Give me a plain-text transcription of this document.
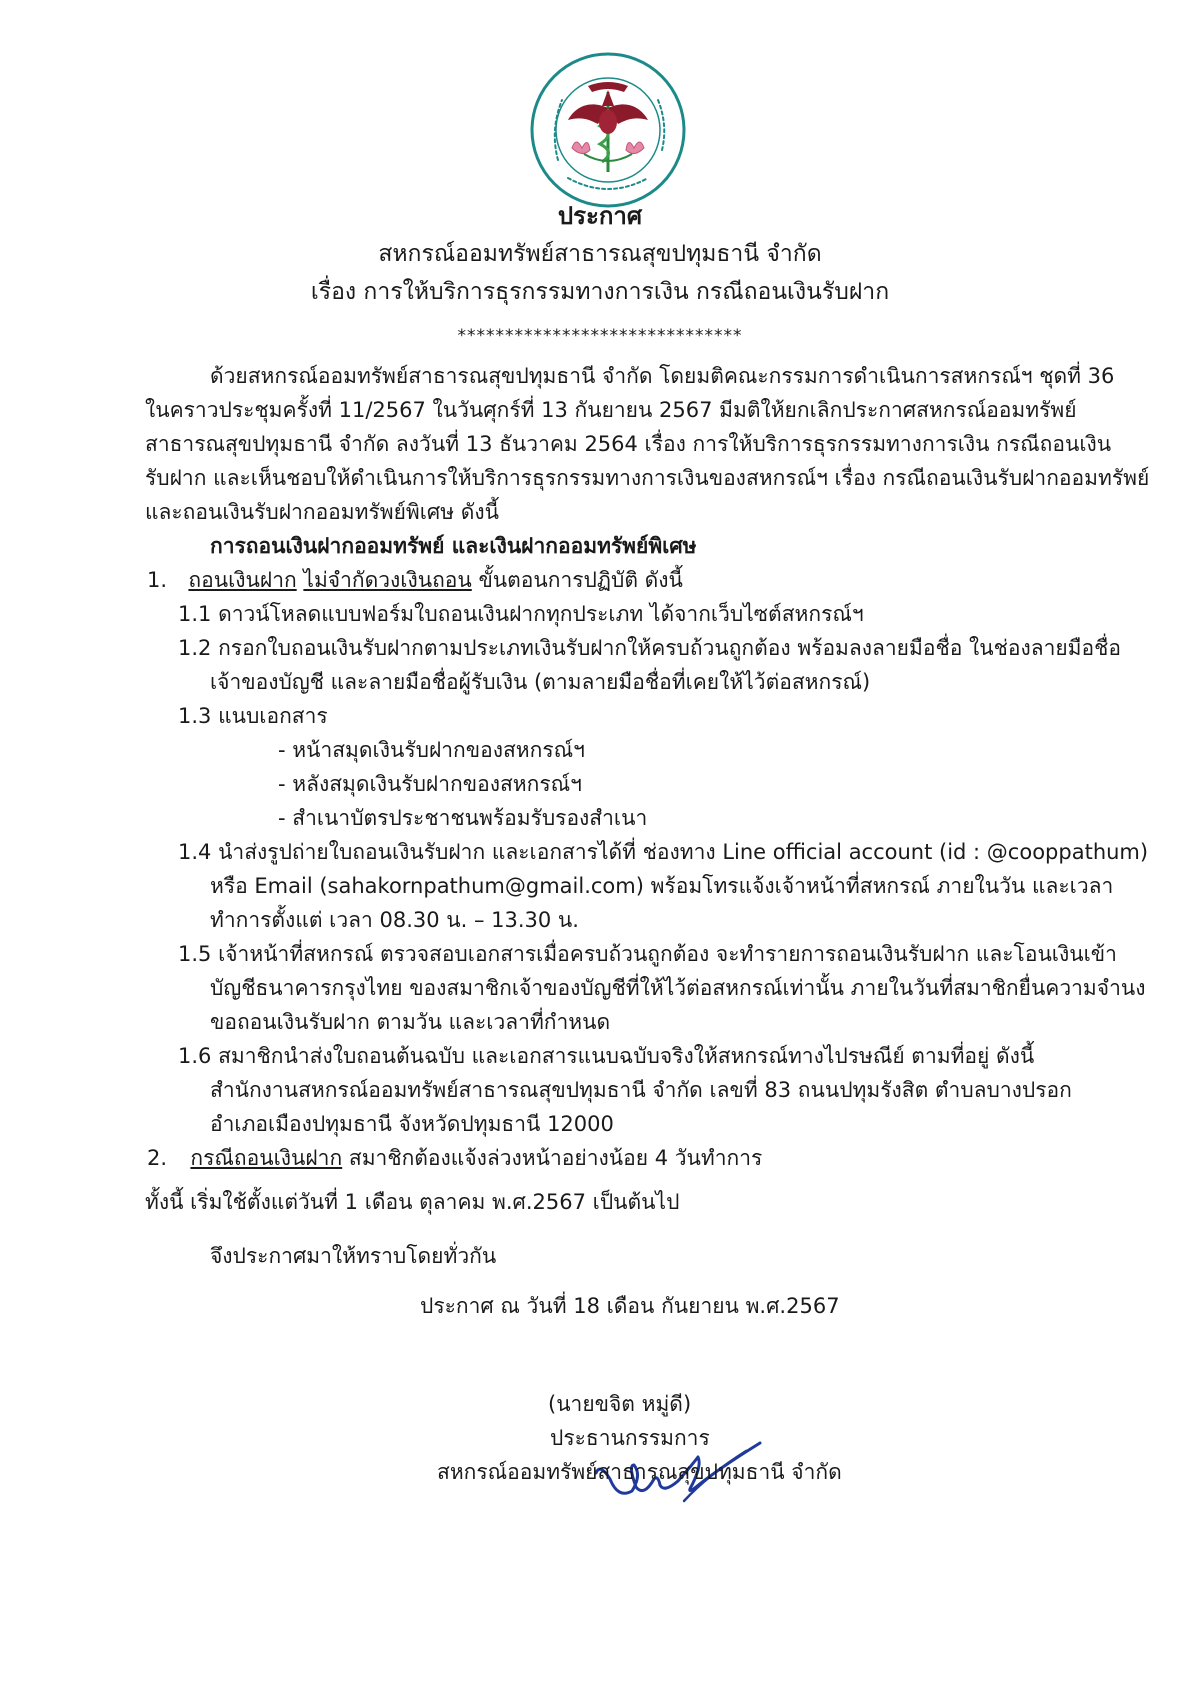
ประกาศ
สหกรณ์ออมทรัพย์สาธารณสุขปทุมธานี จำกัด
เรื่อง การให้บริการธุรกรรมทางการเงิน กรณีถอนเงินรับฝาก
******************************
ด้วยสหกรณ์ออมทรัพย์สาธารณสุขปทุมธานี จำกัด โดยมติคณะกรรมการดำเนินการสหกรณ์ฯ ชุดที่ 36
ในคราวประชุมครั้งที่ 11/2567 ในวันศุกร์ที่ 13 กันยายน 2567 มีมติให้ยกเลิกประกาศสหกรณ์ออมทรัพย์
สาธารณสุขปทุมธานี จำกัด ลงวันที่ 13 ธันวาคม 2564 เรื่อง การให้บริการธุรกรรมทางการเงิน กรณีถอนเงิน
รับฝาก และเห็นชอบให้ดำเนินการให้บริการธุรกรรมทางการเงินของสหกรณ์ฯ เรื่อง กรณีถอนเงินรับฝากออมทรัพย์
และถอนเงินรับฝากออมทรัพย์พิเศษ ดังนี้
การถอนเงินฝากออมทรัพย์ และเงินฝากออมทรัพย์พิเศษ
1. ถอนเงินฝาก ไม่จำกัดวงเงินถอน ขั้นตอนการปฏิบัติ ดังนี้
1.1 ดาวน์โหลดแบบฟอร์มใบถอนเงินฝากทุกประเภท ได้จากเว็บไซต์สหกรณ์ฯ
1.2 กรอกใบถอนเงินรับฝากตามประเภทเงินรับฝากให้ครบถ้วนถูกต้อง พร้อมลงลายมือชื่อ ในช่องลายมือชื่อ
เจ้าของบัญชี และลายมือชื่อผู้รับเงิน (ตามลายมือชื่อที่เคยให้ไว้ต่อสหกรณ์)
1.3 แนบเอกสาร
- หน้าสมุดเงินรับฝากของสหกรณ์ฯ
- หลังสมุดเงินรับฝากของสหกรณ์ฯ
- สำเนาบัตรประชาชนพร้อมรับรองสำเนา
1.4 นำส่งรูปถ่ายใบถอนเงินรับฝาก และเอกสารได้ที่ ช่องทาง Line official account (id : @cooppathum)
หรือ Email (sahakornpathum@gmail.com) พร้อมโทรแจ้งเจ้าหน้าที่สหกรณ์ ภายในวัน และเวลา
ทำการตั้งแต่ เวลา 08.30 น. – 13.30 น.
1.5 เจ้าหน้าที่สหกรณ์ ตรวจสอบเอกสารเมื่อครบถ้วนถูกต้อง จะทำรายการถอนเงินรับฝาก และโอนเงินเข้า
บัญชีธนาคารกรุงไทย ของสมาชิกเจ้าของบัญชีที่ให้ไว้ต่อสหกรณ์เท่านั้น ภายในวันที่สมาชิกยื่นความจำนง
ขอถอนเงินรับฝาก ตามวัน และเวลาที่กำหนด
1.6 สมาชิกนำส่งใบถอนต้นฉบับ และเอกสารแนบฉบับจริงให้สหกรณ์ทางไปรษณีย์ ตามที่อยู่ ดังนี้
สำนักงานสหกรณ์ออมทรัพย์สาธารณสุขปทุมธานี จำกัด เลขที่ 83 ถนนปทุมรังสิต ตำบลบางปรอก
อำเภอเมืองปทุมธานี จังหวัดปทุมธานี 12000
2. กรณีถอนเงินฝาก สมาชิกต้องแจ้งล่วงหน้าอย่างน้อย 4 วันทำการ
ทั้งนี้ เริ่มใช้ตั้งแต่วันที่ 1 เดือน ตุลาคม พ.ศ.2567 เป็นต้นไป
จึงประกาศมาให้ทราบโดยทั่วกัน
ประกาศ ณ วันที่ 18 เดือน กันยายน พ.ศ.2567
(นายขจิต หมู่ดี)
ประธานกรรมการ
สหกรณ์ออมทรัพย์สาธารณสุขปทุมธานี จำกัด
